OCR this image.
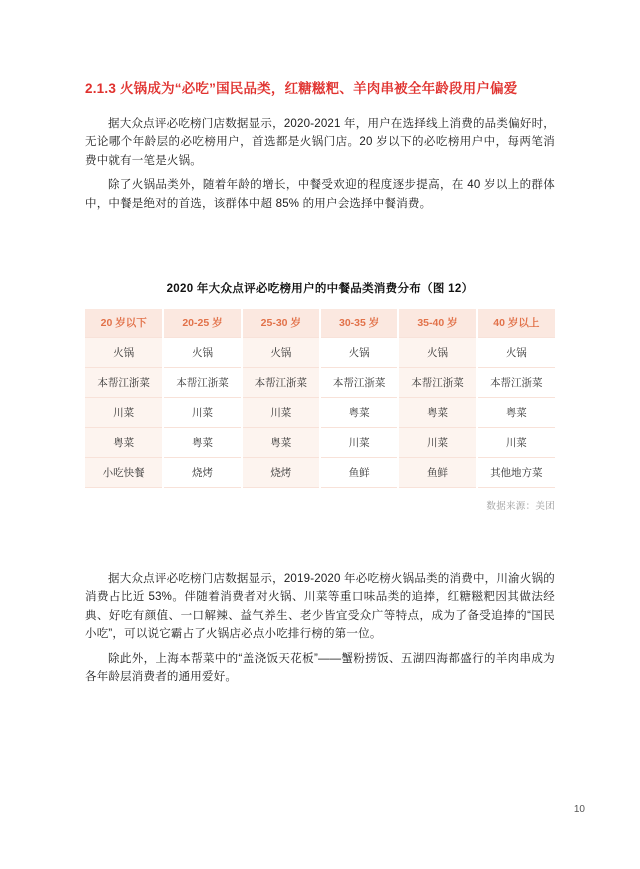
2.1.3 火锅成为“必吃”国民品类，红糖糍粑、羊肉串被全年龄段用户偏爱

据大众点评必吃榜门店数据显示，2020-2021 年，用户在选择线上消费的品类偏好时，无论哪个年龄层的必吃榜用户，首选都是火锅门店。20 岁以下的必吃榜用户中，每两笔消费中就有一笔是火锅。

除了火锅品类外，随着年龄的增长，中餐受欢迎的程度逐步提高，在 40 岁以上的群体中，中餐是绝对的首选，该群体中超 85% 的用户会选择中餐消费。

2020 年大众点评必吃榜用户的中餐品类消费分布（图 12）
20 岁以下	20-25 岁	25-30 岁	30-35 岁	35-40 岁	40 岁以上
火锅	火锅	火锅	火锅	火锅	火锅
本帮江浙菜	本帮江浙菜	本帮江浙菜	本帮江浙菜	本帮江浙菜	本帮江浙菜
川菜	川菜	川菜	粤菜	粤菜	粤菜
粤菜	粤菜	粤菜	川菜	川菜	川菜
小吃快餐	烧烤	烧烤	鱼鲜	鱼鲜	其他地方菜
数据来源：美团

据大众点评必吃榜门店数据显示，2019-2020 年必吃榜火锅品类的消费中，川渝火锅的消费占比近 53%。伴随着消费者对火锅、川菜等重口味品类的追捧，红糖糍粑因其做法经典、好吃有颜值、一口解辣、益气养生、老少皆宜受众广等特点，成为了备受追捧的“国民小吃”，可以说它霸占了火锅店必点小吃排行榜的第一位。

除此外，上海本帮菜中的“盖浇饭天花板”——蟹粉捞饭、五湖四海都盛行的羊肉串成为各年龄层消费者的通用爱好。

10
